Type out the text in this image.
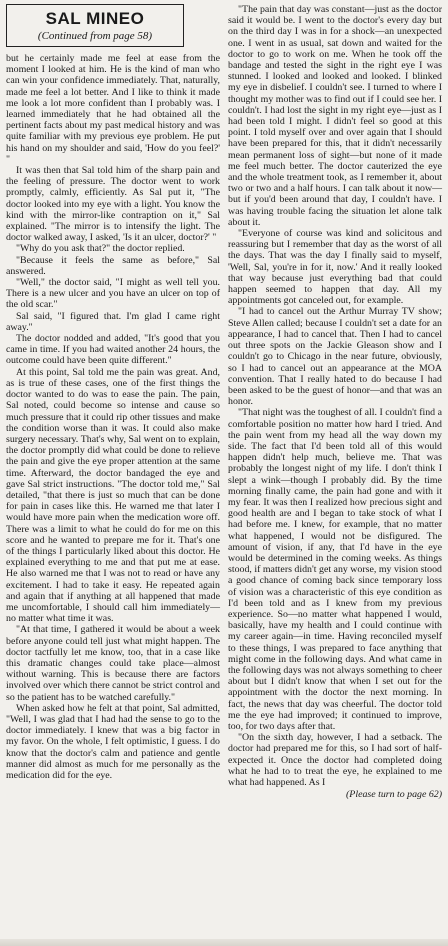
SAL MINEO
(Continued from page 58)

but he certainly made me feel at ease from the moment I looked at him. He is the kind of man who can win your confidence immediately. That, naturally, made me feel a lot better. And I like to think it made me look a lot more confident than I probably was. I learned immediately that he had obtained all the pertinent facts about my past medical history and was quite familiar with my previous eye problem. He put his hand on my shoulder and said, 'How do you feel?' "

It was then that Sal told him of the sharp pain and the feeling of pressure. The doctor went to work promptly, calmly, efficiently. As Sal put it, "The doctor looked into my eye with a light. You know the kind with the mirror-like contraption on it," Sal explained. "The mirror is to intensify the light. The doctor walked away, I asked, 'Is it an ulcer, doctor?' "

"Why do you ask that?" the doctor replied.

"Because it feels the same as before," Sal answered.

"Well," the doctor said, "I might as well tell you. There is a new ulcer and you have an ulcer on top of the old scar."

Sal said, "I figured that. I'm glad I came right away."

The doctor nodded and added, "It's good that you came in time. If you had waited another 24 hours, the outcome could have been quite different."

At this point, Sal told me the pain was great. And, as is true of these cases, one of the first things the doctor wanted to do was to ease the pain. The pain, Sal noted, could become so intense and cause so much pressure that it could rip other tissues and make the condition worse than it was. It could also make surgery necessary. That's why, Sal went on to explain, the doctor promptly did what could be done to relieve the pain and give the eye proper attention at the same time. Afterward, the doctor bandaged the eye and gave Sal strict instructions. "The doctor told me," Sal detailed, "that there is just so much that can be done for pain in cases like this. He warned me that later I would have more pain when the medication wore off. There was a limit to what he could do for me on this score and he wanted to prepare me for it. That's one of the things I particularly liked about this doctor. He explained everything to me and that put me at ease. He also warned me that I was not to read or have any excitement. I had to take it easy. He repeated again and again that if anything at all happened that made me uncomfortable, I should call him immediately—no matter what time it was.

"At that time, I gathered it would be about a week before anyone could tell just what might happen. The doctor tactfully let me know, too, that in a case like this dramatic changes could take place—almost without warning. This is because there are factors involved over which there cannot be strict control and so the patient has to be watched carefully."

When asked how he felt at that point, Sal admitted, "Well, I was glad that I had had the sense to go to the doctor immediately. I knew that was a big factor in my favor. On the whole, I felt optimistic, I guess. I do know that the doctor's calm and patience and gentle manner did almost as much for me personally as the medication did for the eye.

"The pain that day was constant—just as the doctor said it would be. I went to the doctor's every day but on the third day I was in for a shock—an unexpected one. I went in as usual, sat down and waited for the doctor to go to work on me. When he took off the bandage and tested the sight in the right eye I was stunned. I looked and looked and looked. I blinked my eye in disbelief. I couldn't see. I turned to where I thought my mother was to find out if I could see her. I couldn't. I had lost the sight in my right eye—just as I had been told I might. I didn't feel so good at this point. I told myself over and over again that I should have been prepared for this, that it didn't necessarily mean permanent loss of sight—but none of it made me feel much better. The doctor cauterized the eye and the whole treatment took, as I remember it, about two or two and a half hours. I can talk about it now—but if you'd been around that day, I couldn't have. I was having trouble facing the situation let alone talk about it.

"Everyone of course was kind and solicitous and reassuring but I remember that day as the worst of all the days. That was the day I finally said to myself, 'Well, Sal, you're in for it, now.' And it really looked that way because just everything bad that could happen seemed to happen that day. All my appointments got canceled out, for example.

"I had to cancel out the Arthur Murray TV show; Steve Allen called; because I couldn't set a date for an appearance, I had to cancel that. Then I had to cancel out three spots on the Jackie Gleason show and I couldn't go to Chicago in the near future, obviously, so I had to cancel out an appearance at the MOA convention. That I really hated to do because I had been asked to be the guest of honor—and that was an honor.

"That night was the toughest of all. I couldn't find a comfortable position no matter how hard I tried. And the pain went from my head all the way down my side. The fact that I'd been told all of this would happen didn't help much, believe me. That was probably the longest night of my life. I don't think I slept a wink—though I probably did. By the time morning finally came, the pain had gone and with it my fear. It was then I realized how precious sight and good health are and I began to take stock of what I had before me. I knew, for example, that no matter what happened, I would not be disfigured. The amount of vision, if any, that I'd have in the eye would be determined in the coming weeks. As things stood, if matters didn't get any worse, my vision stood a good chance of coming back since temporary loss of vision was a characteristic of this eye condition as I'd been told and as I knew from my previous experience. So—no matter what happened I would, basically, have my health and I could continue with my career again—in time. Having reconciled myself to these things, I was prepared to face anything that might come in the following days. And what came in the following days was not always something to cheer about but I didn't know that when I set out for the appointment with the doctor the next morning. In fact, the news that day was cheerful. The doctor told me the eye had improved; it continued to improve, too, for two days after that.

"On the sixth day, however, I had a setback. The doctor had prepared me for this, so I had sort of half-expected it. Once the doctor had completed doing what he had to to treat the eye, he explained to me what had happened. As I

(Please turn to page 62)
